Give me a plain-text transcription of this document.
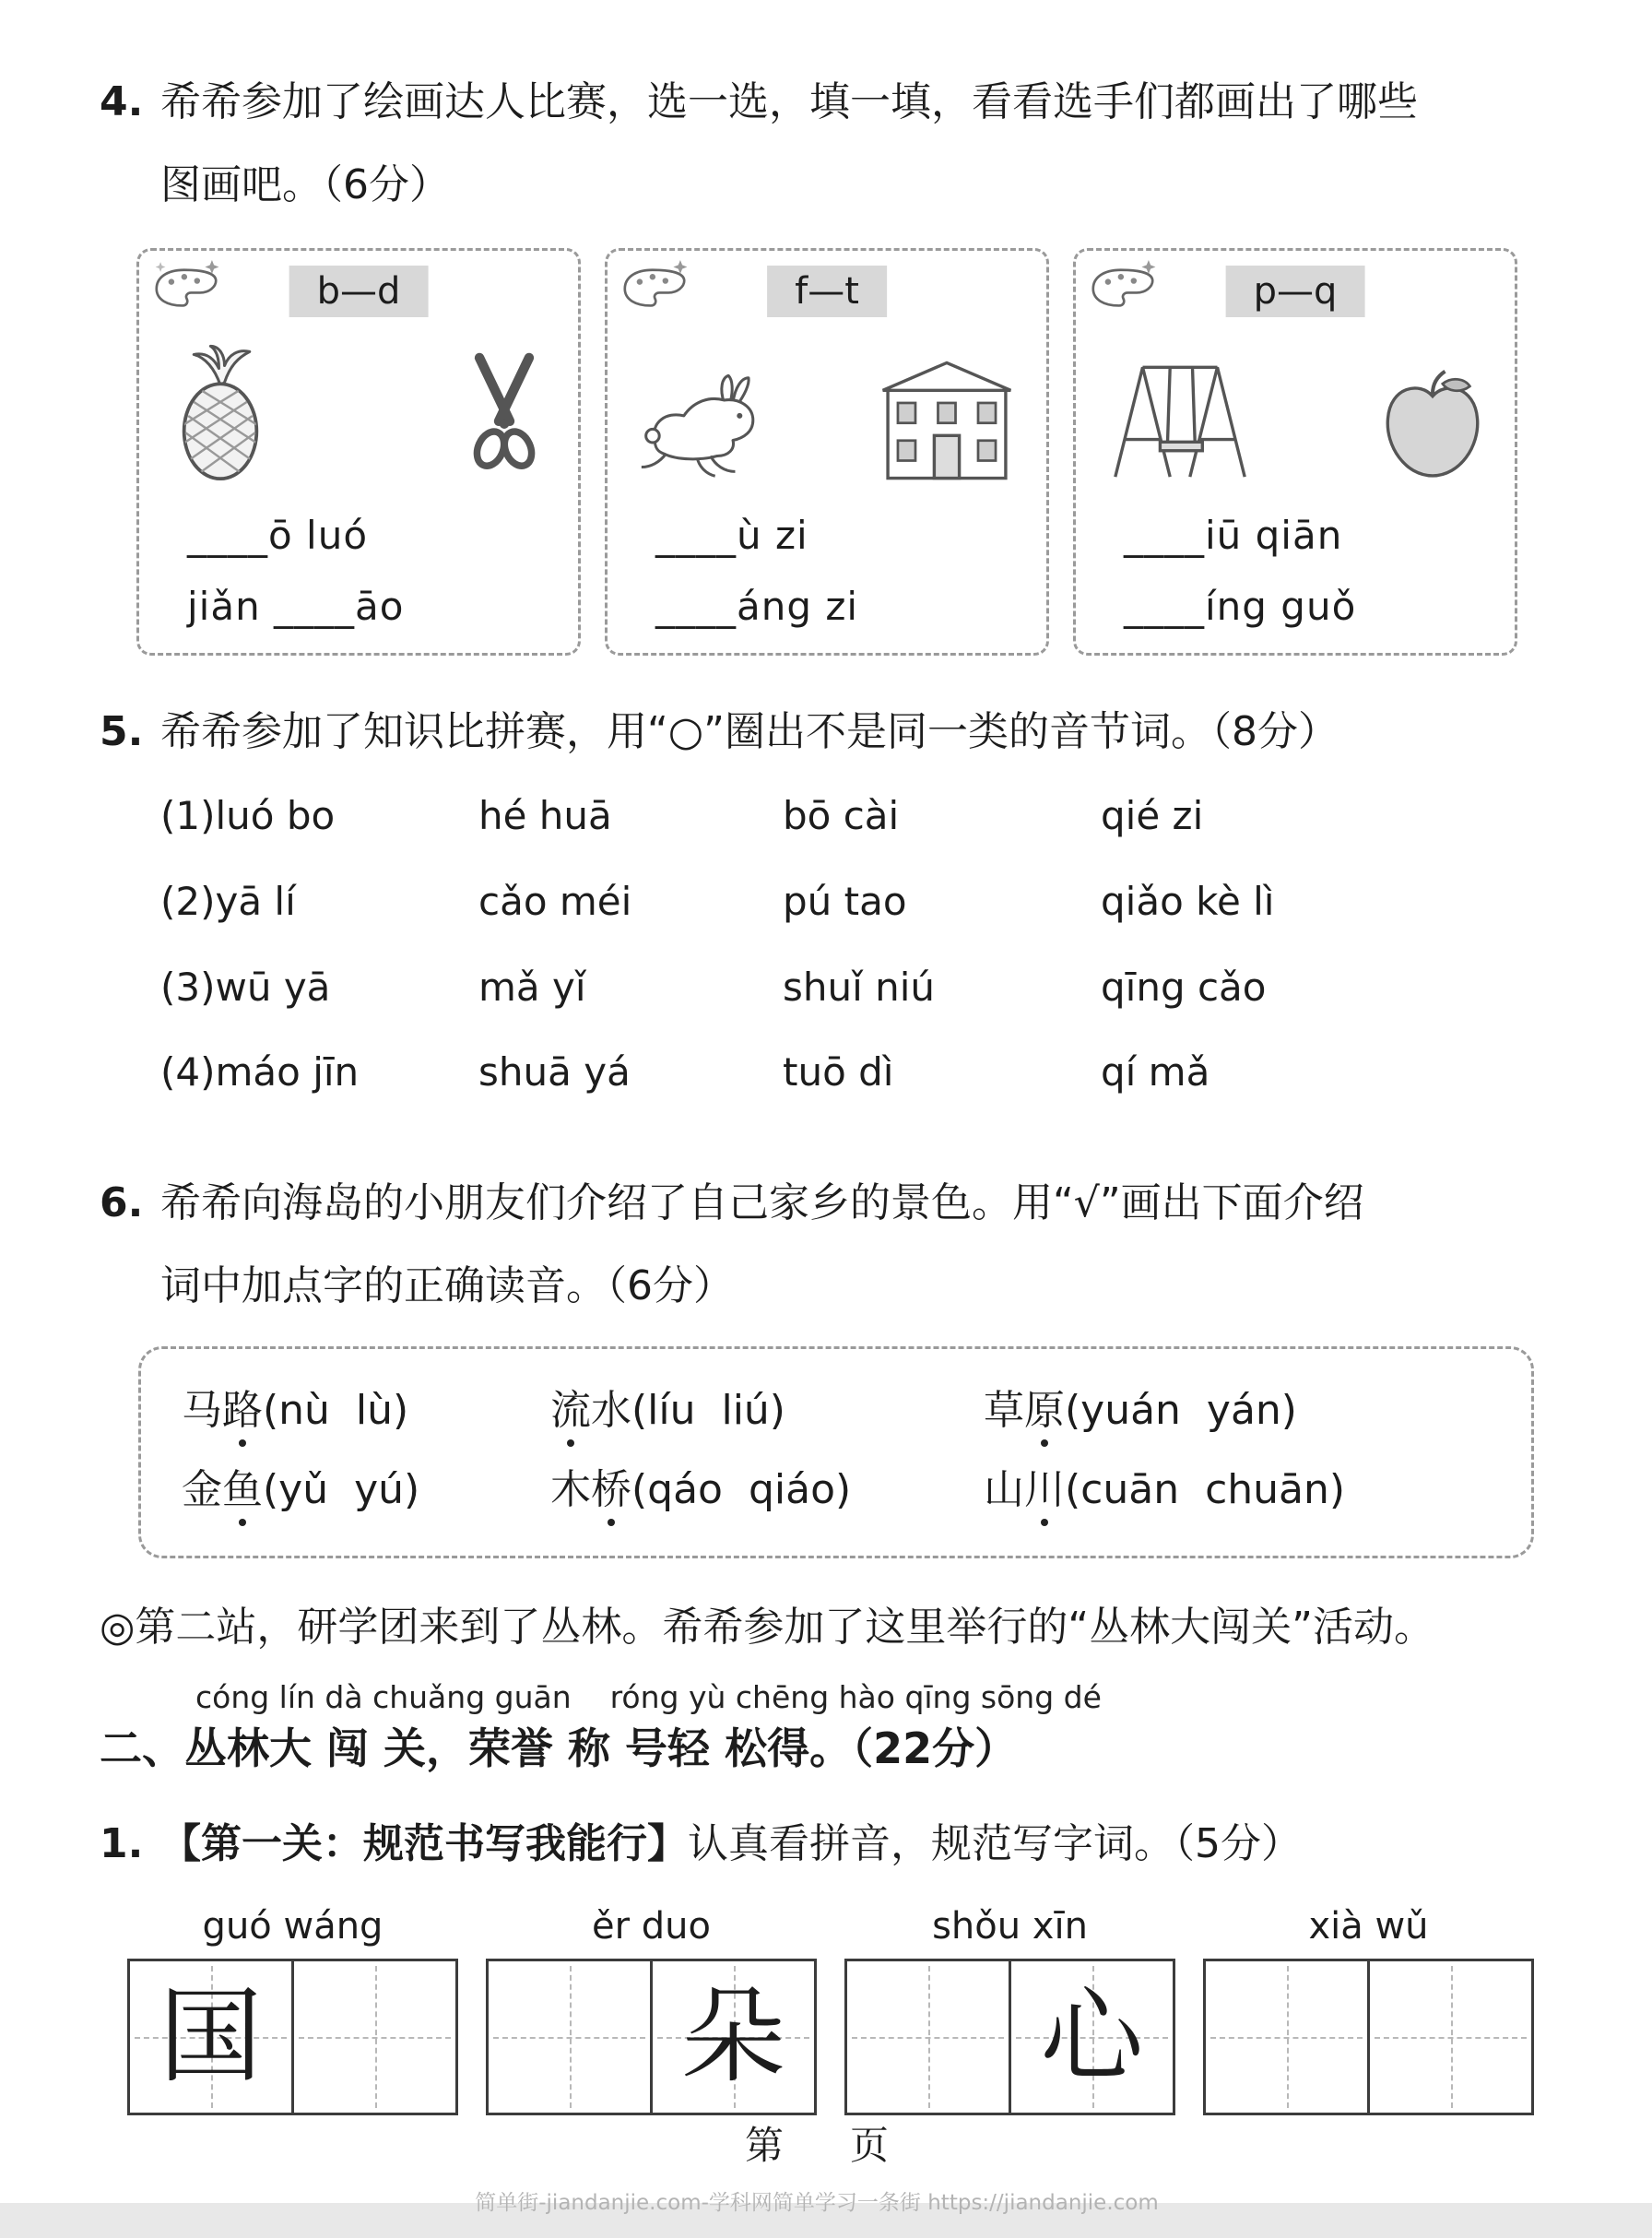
4. 希希参加了绘画达人比赛，选一选，填一填，看看选手们都画出了哪些
图画吧。（6分）
b—d
____ō luó
jiǎn ____āo
f—t
____ù zi
____áng zi
p—q
____iū qiān
____íng guǒ
5. 希希参加了知识比拼赛，用“○”圈出不是同一类的音节词。（8分）
(1)luó bo	hé huā	bō cài	qié zi
(2)yā lí	cǎo méi	pú tao	qiǎo kè lì
(3)wū yā	mǎ yǐ	shuǐ niú	qīng cǎo
(4)máo jīn	shuā yá	tuō dì	qí mǎ
6. 希希向海岛的小朋友们介绍了自己家乡的景色。用“√”画出下面介绍
词中加点字的正确读音。（6分）
马路(nù  lù)	流水(líu  liú)	草原(yuán  yán)
金鱼(yǔ  yú)	木桥(qáo  qiáo)	山川(cuān  chuān)

◎第二站，研学团来到了丛林。希希参加了这里举行的“丛林大闯关”活动。

cóng lín dà chuǎng guān    róng yù chēng hào qīng sōng dé
二、丛林大 闯 关，荣誉 称 号轻 松得。（22分）
1. 【第一关：规范书写我能行】认真看拼音，规范写字词。（5分）
guó wáng
国
ěr duo
朵
shǒu xīn
心
xià wǔ
第 页
简单街-jiandanjie.com-学科网简单学习一条街 https://jiandanjie.com
